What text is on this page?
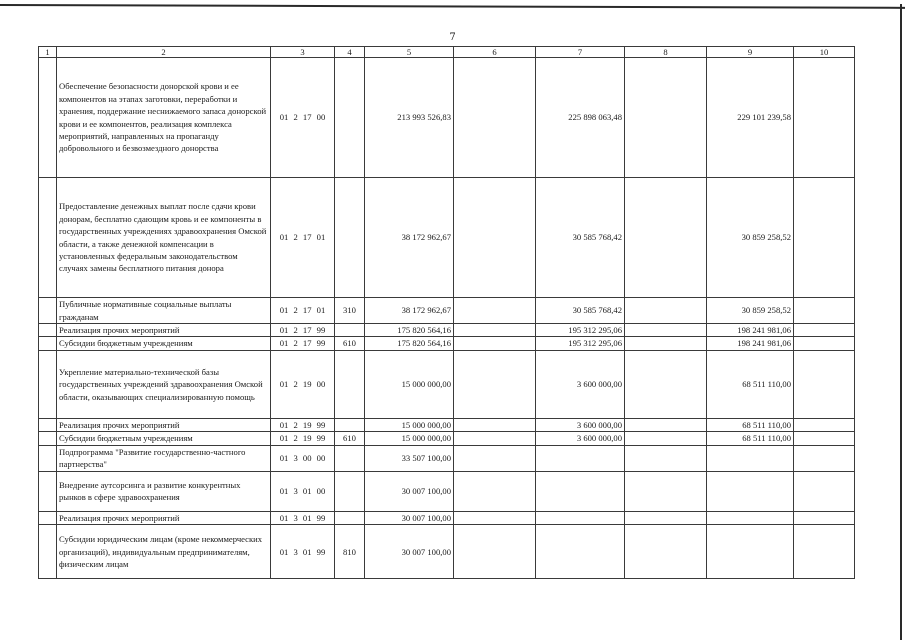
7
1	2	3	4	5	6	7	8	9	10
	Обеспечение безопасности донорской крови и ее компонентов на этапах заготовки, переработки и хранения, поддержание неснижаемого запаса донорской крови и ее компонентов, реализация комплекса мероприятий, направленных на пропаганду добровольного и безвозмездного донорства	01 2 17 00		213 993 526,83		225 898 063,48		229 101 239,58	
	Предоставление денежных выплат после сдачи крови донорам, бесплатно сдающим кровь и ее компоненты в государственных учреждениях здравоохранения Омской области, а также денежной компенсации в установленных федеральным законодательством случаях замены бесплатного питания донора	01 2 17 01		38 172 962,67		30 585 768,42		30 859 258,52	
	Публичные нормативные социальные выплаты гражданам	01 2 17 01	310	38 172 962,67		30 585 768,42		30 859 258,52	
	Реализация прочих мероприятий	01 2 17 99		175 820 564,16		195 312 295,06		198 241 981,06	
	Субсидии бюджетным учреждениям	01 2 17 99	610	175 820 564,16		195 312 295,06		198 241 981,06	
	Укрепление материально-технической базы государственных учреждений здравоохранения Омской области, оказывающих специализированную помощь	01 2 19 00		15 000 000,00		3 600 000,00		68 511 110,00	
	Реализация прочих мероприятий	01 2 19 99		15 000 000,00		3 600 000,00		68 511 110,00	
	Субсидии бюджетным учреждениям	01 2 19 99	610	15 000 000,00		3 600 000,00		68 511 110,00	
	Подпрограмма "Развитие государственно-частного партнерства"	01 3 00 00		33 507 100,00					
	Внедрение аутсорсинга и развитие конкурентных рынков в сфере здравоохранения	01 3 01 00		30 007 100,00					
	Реализация прочих мероприятий	01 3 01 99		30 007 100,00					
	Субсидии юридическим лицам (кроме некоммерческих организаций), индивидуальным предпринимателям, физическим лицам	01 3 01 99	810	30 007 100,00					
